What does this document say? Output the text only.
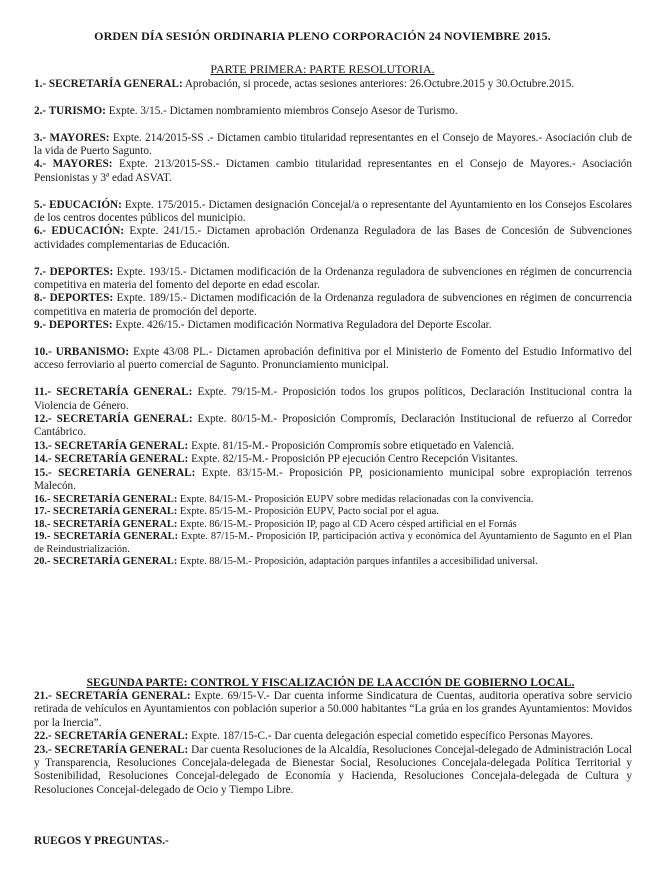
ORDEN DÍA SESIÓN ORDINARIA PLENO CORPORACIÓN 24 NOVIEMBRE 2015.
PARTE PRIMERA: PARTE RESOLUTORIA.

1.- SECRETARÍA GENERAL: Aprobación, si procede, actas sesiones anteriores: 26.Octubre.2015 y 30.Octubre.2015.

2.- TURISMO: Expte. 3/15.- Dictamen nombramiento miembros Consejo Asesor de Turismo.

3.- MAYORES: Expte. 214/2015-SS .- Dictamen cambio titularidad representantes en el Consejo de Mayores.- Asociación club de la vida de Puerto Sagunto.

4.- MAYORES: Expte. 213/2015-SS.- Dictamen cambio titularidad representantes en el Consejo de Mayores.- Asociación Pensionistas y 3ª edad ASVAT.

5.- EDUCACIÓN: Expte. 175/2015.- Dictamen designación Concejal/a o representante del Ayuntamiento en los Consejos Escolares de los centros docentes públicos del municipio.

6.- EDUCACIÓN: Expte. 241/15.- Dictamen aprobación Ordenanza Reguladora de las Bases de Concesión de Subvenciones actividades complementarias de Educación.

7.- DEPORTES: Expte. 193/15.- Dictamen modificación de la Ordenanza reguladora de subvenciones en régimen de concurrencia competitiva en materia del fomento del deporte en edad escolar.

8.- DEPORTES: Expte. 189/15.- Dictamen modificación de la Ordenanza reguladora de subvenciones en régimen de concurrencia competitiva en materia de promoción del deporte.

9.- DEPORTES: Expte. 426/15.- Dictamen modificación Normativa Reguladora del Deporte Escolar.

10.- URBANISMO: Expte 43/08 PL.- Dictamen aprobación definitiva por el Ministerio de Fomento del Estudio Informativo del acceso ferroviario al puerto comercial de Sagunto. Pronunciamiento municipal.

11.- SECRETARÍA GENERAL: Expte. 79/15-M.- Proposición todos los grupos políticos, Declaración Institucional contra la Violencia de Género.

12.- SECRETARÍA GENERAL: Expte. 80/15-M.- Proposición Compromís, Declaración Institucional de refuerzo al Corredor Cantábrico.

13.- SECRETARÍA GENERAL: Expte. 81/15-M.- Proposición Compromís sobre etiquetado en Valencià.

14.- SECRETARÍA GENERAL: Expte. 82/15-M.- Proposición PP ejecución Centro Recepción Visitantes.

15.- SECRETARÍA GENERAL: Expte. 83/15-M.- Proposición PP, posicionamiento municipal sobre expropiación terrenos Malecón.

16.- SECRETARÍA GENERAL: Expte. 84/15-M.- Proposición EUPV sobre medidas relacionadas con la convivencia.

17.- SECRETARÍA GENERAL: Expte. 85/15-M.- Proposición EUPV, Pacto social por el agua.

18.- SECRETARÍA GENERAL: Expte. 86/15-M.- Proposición IP, pago al CD Acero césped artificial en el Fornás

19.- SECRETARÍA GENERAL: Expte. 87/15-M.- Proposición IP, participación activa y económica del Ayuntamiento de Sagunto en el Plan de Reindustrialización.

20.- SECRETARÍA GENERAL: Expte. 88/15-M.- Proposición, adaptación parques infantiles a accesibilidad universal.

SEGUNDA PARTE: CONTROL Y FISCALIZACIÓN DE LA ACCIÓN DE GOBIERNO LOCAL.

21.- SECRETARÍA GENERAL: Expte. 69/15-V.- Dar cuenta informe Sindicatura de Cuentas, auditoria operativa sobre servicio retirada de vehículos en Ayuntamientos con población superior a 50.000 habitantes “La grúa en los grandes Ayuntamientos: Movidos por la Inercia”.

22.- SECRETARÍA GENERAL: Expte. 187/15-C.- Dar cuenta delegación especial cometido específico Personas Mayores.

23.- SECRETARÍA GENERAL: Dar cuenta Resoluciones de la Alcaldía, Resoluciones Concejal-delegado de Administración Local y Transparencia, Resoluciones Concejala-delegada de Bienestar Social, Resoluciones Concejala-delegada Política Territorial y Sostenibilidad, Resoluciones Concejal-delegado de Economía y Hacienda, Resoluciones Concejala-delegada de Cultura y Resoluciones Concejal-delegado de Ocio y Tiempo Libre.

RUEGOS Y PREGUNTAS.-
